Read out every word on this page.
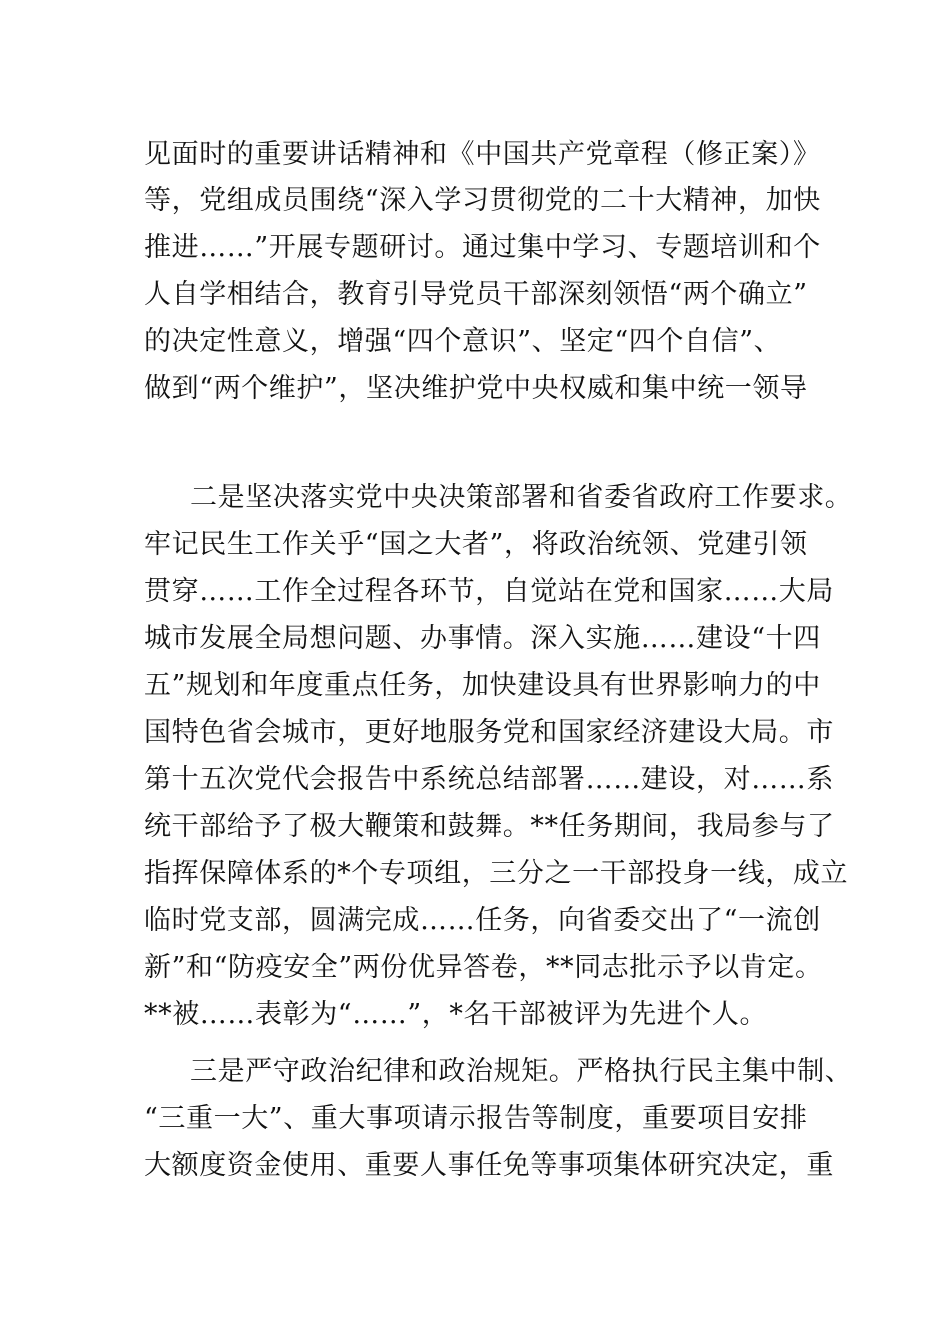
见面时的重要讲话精神和《中国共产党章程（修正案）》
等，党组成员围绕“深入学习贯彻党的二十大精神，加快
推进……”开展专题研讨。通过集中学习、专题培训和个
人自学相结合，教育引导党员干部深刻领悟“两个确立”
的决定性意义，增强“四个意识”、坚定“四个自信”、
做到“两个维护”，坚决维护党中央权威和集中统一领导
二是坚决落实党中央决策部署和省委省政府工作要求。
牢记民生工作关乎“国之大者”，将政治统领、党建引领
贯穿……工作全过程各环节，自觉站在党和国家……大局
城市发展全局想问题、办事情。深入实施……建设“十四
五”规划和年度重点任务，加快建设具有世界影响力的中
国特色省会城市，更好地服务党和国家经济建设大局。市
第十五次党代会报告中系统总结部署……建设，对……系
统干部给予了极大鞭策和鼓舞。**任务期间，我局参与了
指挥保障体系的*个专项组，三分之一干部投身一线，成立
临时党支部，圆满完成……任务，向省委交出了“一流创
新”和“防疫安全”两份优异答卷，**同志批示予以肯定。
**被……表彰为“……”，*名干部被评为先进个人。
三是严守政治纪律和政治规矩。严格执行民主集中制、
“三重一大”、重大事项请示报告等制度，重要项目安排
大额度资金使用、重要人事任免等事项集体研究决定，重
